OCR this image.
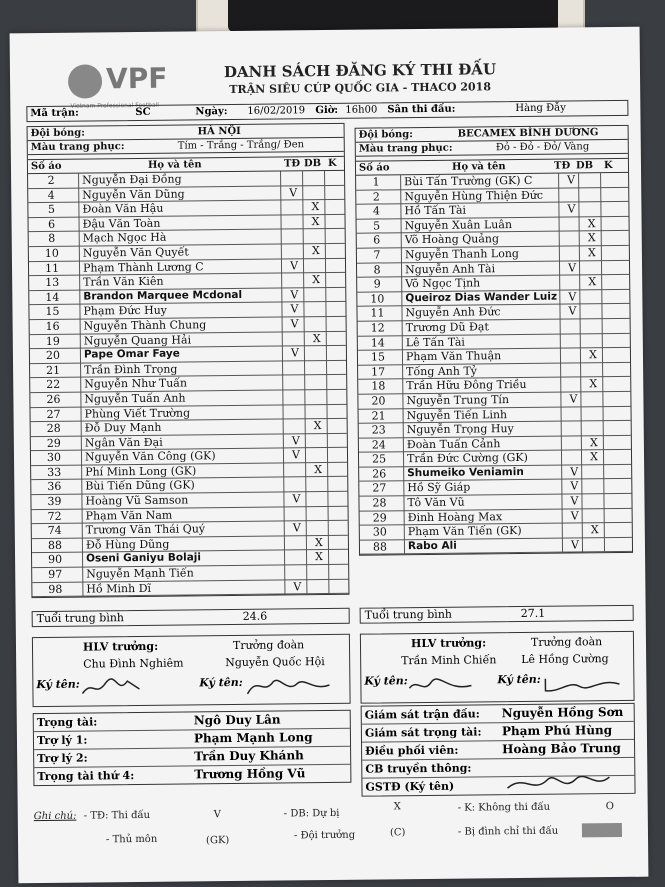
VPF
Vietnam Professional Football
DANH SÁCH ĐĂNG KÝ THI ĐẤU
TRẬN SIÊU CÚP QUỐC GIA - THACO 2018
Mã trận:	SC	Ngày: 16/02/2019 Giờ: 16h00 Sân thi đấu:	Hàng Đẫy
Đội bóng:	HÀ NỘI
Màu trang phục:	Tím - Trắng - Trắng/ Đen
Số áo	Họ và tên	TĐ DB K
2	Nguyễn Đại Đồng
4	Nguyễn Văn Dũng	V
5	Đoàn Văn Hậu	X
6	Đậu Văn Toàn	X
8	Mạch Ngọc Hà
10	Nguyễn Văn Quyết	X
11	Phạm Thành Lương C	V
13	Trần Văn Kiên	X
14	Brandon Marquee Mcdonal	V
15	Phạm Đức Huy	V
16	Nguyễn Thành Chung	V
19	Nguyễn Quang Hải	X
20	Pape Omar Faye	V
21	Trần Đình Trọng
22	Nguyễn Như Tuấn
26	Nguyễn Tuấn Anh
27	Phùng Viết Trường
28	Đỗ Duy Mạnh	X
29	Ngân Văn Đại	V
30	Nguyễn Văn Công (GK)	V
33	Phí Minh Long (GK)	X
36	Bùi Tiến Dũng (GK)
39	Hoàng Vũ Samson	V
72	Phạm Văn Nam
74	Trương Văn Thái Quý	V
88	Đỗ Hùng Dũng	X
90	Oseni Ganiyu Bolaji	X
97	Nguyễn Mạnh Tiến
98	Hồ Minh Dĩ	V
Đội bóng:	BECAMEX BÌNH DƯƠNG
Màu trang phục:	Đỏ - Đỏ - Đỏ/ Vàng
Số áo	Họ và tên	TĐ DB K
1	Bùi Tấn Trường (GK) C	V
2	Nguyễn Hùng Thiện Đức
4	Hồ Tấn Tài	V
5	Nguyễn Xuân Luân	X
6	Võ Hoàng Quảng	X
7	Nguyễn Thanh Long	X
8	Nguyễn Anh Tài	V
9	Võ Ngọc Tịnh	X
10	Queiroz Dias Wander Luiz	V
11	Nguyễn Anh Đức	V
12	Trương Dũ Đạt
14	Lê Tấn Tài
15	Phạm Văn Thuận	X
17	Tống Anh Tỷ
18	Trần Hữu Đông Triều	X
20	Nguyễn Trung Tín	V
21	Nguyễn Tiến Linh
23	Nguyễn Trọng Huy
24	Đoàn Tuấn Cảnh	X
25	Trần Đức Cường (GK)	X
26	Shumeiko Veniamin	V
27	Hồ Sỹ Giáp	V
28	Tô Văn Vũ	V
29	Đinh Hoàng Max	V
30	Phạm Văn Tiến (GK)	X
88	Rabo Ali	V
Tuổi trung bình	24.6	Tuổi trung bình	27.1
HLV trưởng:	Trưởng đoàn
Chu Đình Nghiêm	Nguyễn Quốc Hội
Ký tên:	Ký tên:
HLV trưởng:	Trưởng đoàn
Trần Minh Chiến Lê Hồng Cường
Ký tên:	Ký tên:
Trọng tài:	Ngô Duy Lân
Trợ lý 1:	Phạm Mạnh Long
Trợ lý 2:	Trần Duy Khánh
Trọng tài thứ 4:	Trương Hồng Vũ
Giám sát trận đấu: Nguyễn Hồng Sơn
Giám sát trọng tài: Phạm Phú Hùng
Điều phối viên:	Hoàng Bảo Trung
CB truyền thông:
GSTĐ (Ký tên)
Ghi chú: - TĐ: Thi đấu	V	- DB: Dự bị
X	- K: Không thi đấu	O
- Thủ môn	(GK)	- Đội trưởng	(C)	- Bị đình chỉ thi đấu
